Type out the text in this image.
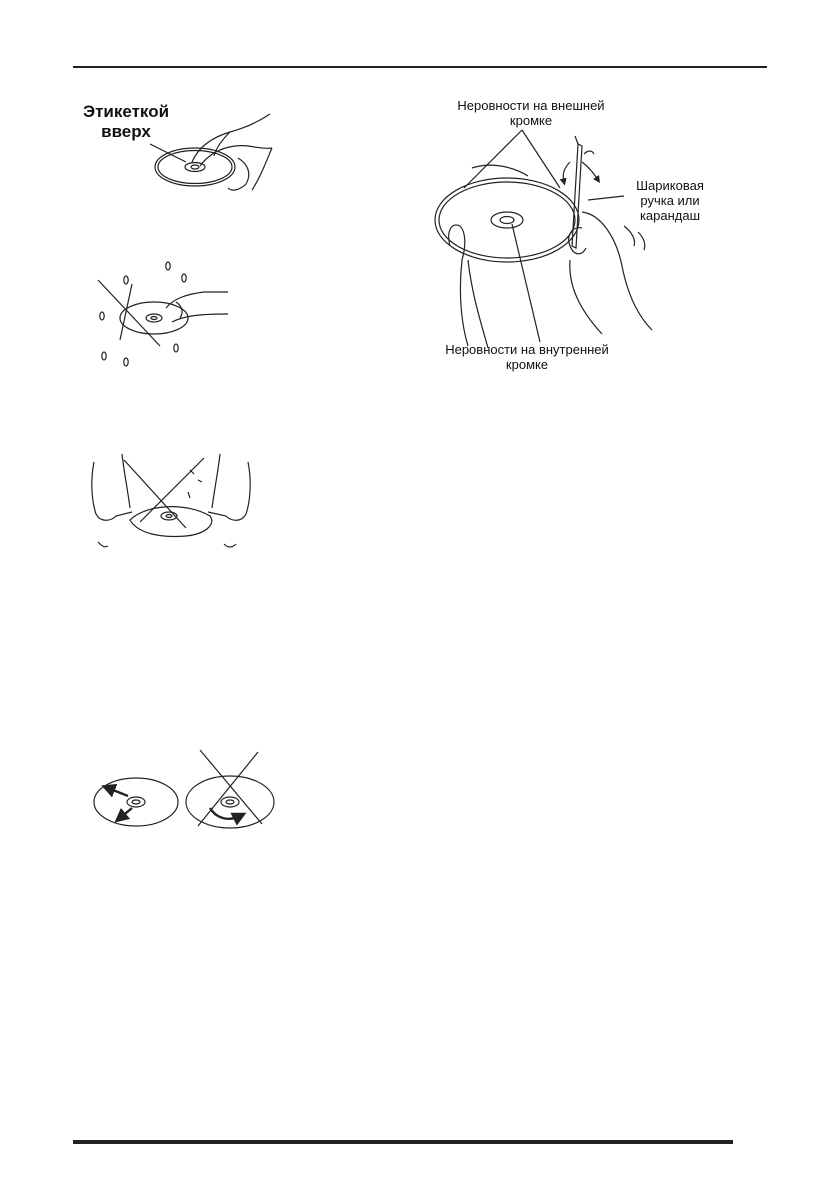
Этикеткой
вверх
Неровности на внешней
кромке
Шариковая
ручка или
карандаш
Неровности на внутренней
кромке
